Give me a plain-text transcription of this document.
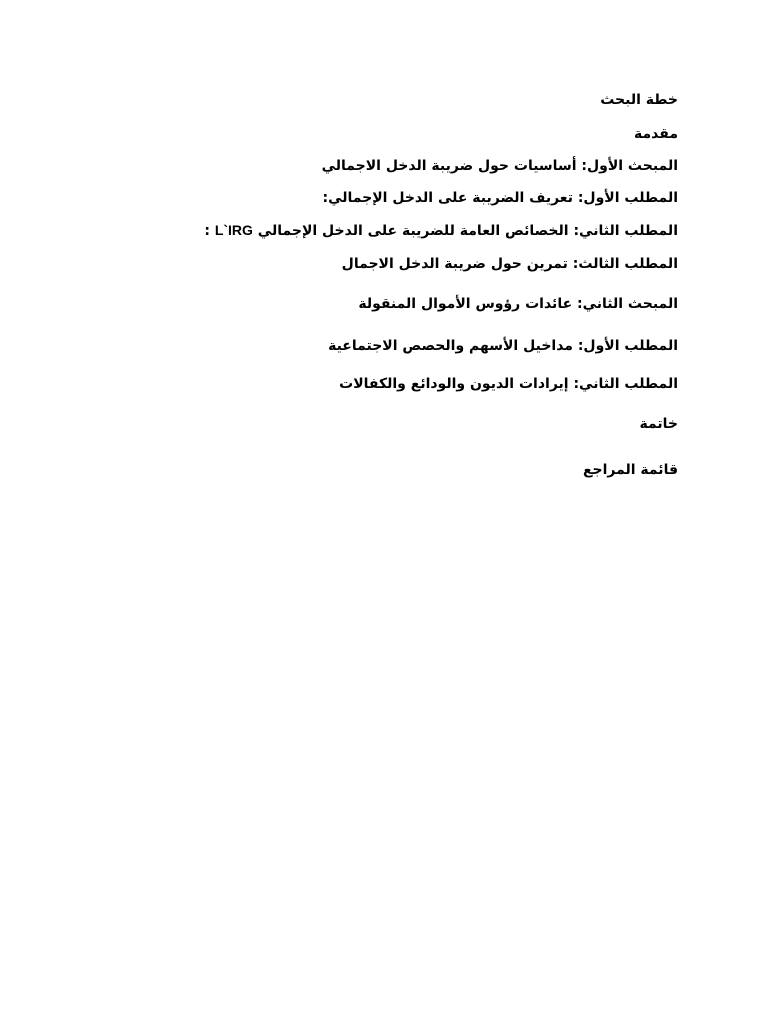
خطة البحث
مقدمة
المبحث الأول: أساسيات حول ضريبة الدخل الاجمالي
المطلب الأول: تعريف الضريبة على الدخل الإجمالي:
المطلب الثاني: الخصائص العامة للضريبة على الدخل الإجمالي L`IRG :
المطلب الثالث: تمرين حول ضريبة الدخل الاجمال
المبحث الثاني: عائدات رؤوس الأموال المنقولة
المطلب الأول: مداخيل الأسهم والحصص الاجتماعية
المطلب الثاني: إيرادات الديون والودائع والكفالات
خاتمة
قائمة المراجع
